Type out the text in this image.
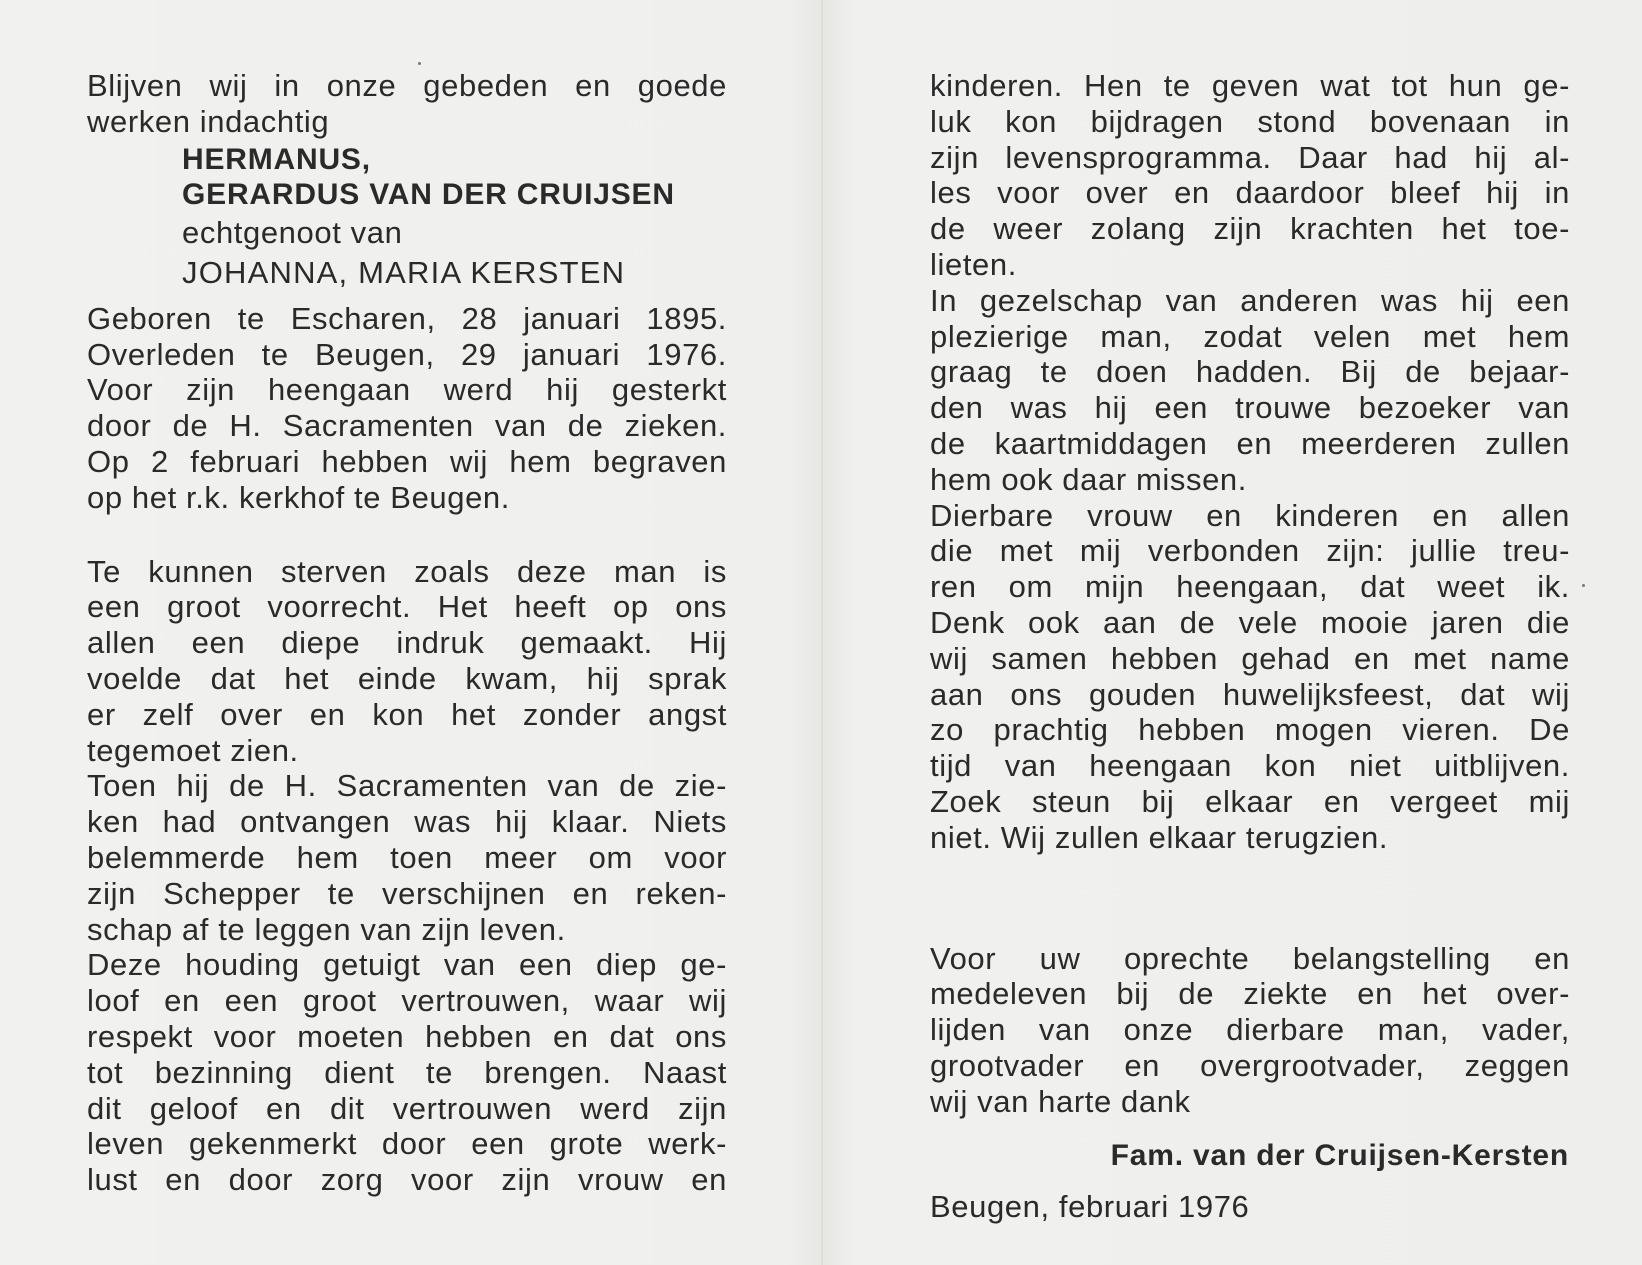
Blijven wij in onze gebeden en goede
werken indachtig
HERMANUS,
GERARDUS VAN DER CRUIJSEN
echtgenoot van
JOHANNA, MARIA KERSTEN
Geboren te Escharen, 28 januari 1895.
Overleden te Beugen, 29 januari 1976.
Voor zijn heengaan werd hij gesterkt
door de H. Sacramenten van de zieken.
Op 2 februari hebben wij hem begraven
op het r.k. kerkhof te Beugen.
Te kunnen sterven zoals deze man is
een groot voorrecht. Het heeft op ons
allen een diepe indruk gemaakt. Hij
voelde dat het einde kwam, hij sprak
er zelf over en kon het zonder angst
tegemoet zien.
Toen hij de H. Sacramenten van de zie-
ken had ontvangen was hij klaar. Niets
belemmerde hem toen meer om voor
zijn Schepper te verschijnen en reken-
schap af te leggen van zijn leven.
Deze houding getuigt van een diep ge-
loof en een groot vertrouwen, waar wij
respekt voor moeten hebben en dat ons
tot bezinning dient te brengen. Naast
dit geloof en dit vertrouwen werd zijn
leven gekenmerkt door een grote werk-
lust en door zorg voor zijn vrouw en
kinderen. Hen te geven wat tot hun ge-
luk kon bijdragen stond bovenaan in
zijn levensprogramma. Daar had hij al-
les voor over en daardoor bleef hij in
de weer zolang zijn krachten het toe-
lieten.
In gezelschap van anderen was hij een
plezierige man, zodat velen met hem
graag te doen hadden. Bij de bejaar-
den was hij een trouwe bezoeker van
de kaartmiddagen en meerderen zullen
hem ook daar missen.
Dierbare vrouw en kinderen en allen
die met mij verbonden zijn: jullie treu-
ren om mijn heengaan, dat weet ik.
Denk ook aan de vele mooie jaren die
wij samen hebben gehad en met name
aan ons gouden huwelijksfeest, dat wij
zo prachtig hebben mogen vieren. De
tijd van heengaan kon niet uitblijven.
Zoek steun bij elkaar en vergeet mij
niet. Wij zullen elkaar terugzien.
Voor uw oprechte belangstelling en
medeleven bij de ziekte en het over-
lijden van onze dierbare man, vader,
grootvader en overgrootvader, zeggen
wij van harte dank
Fam. van der Cruijsen-Kersten
Beugen, februari 1976
